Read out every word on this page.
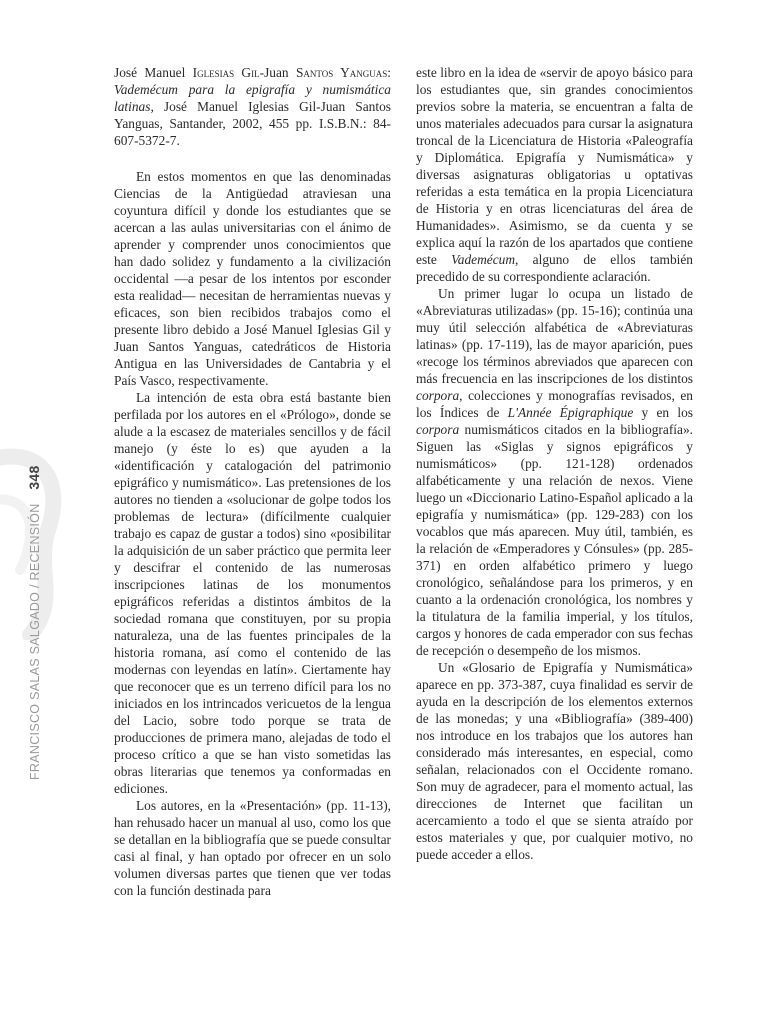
FRANCISCO SALAS SALGADO / RECENSIÓN 348

José Manuel Iglesias Gil-Juan Santos Yanguas: Vademécum para la epigrafía y numismática latinas, José Manuel Iglesias Gil-Juan Santos Yanguas, Santander, 2002, 455 pp. I.S.B.N.: 84-607-5372-7.

En estos momentos en que las denominadas Ciencias de la Antigüedad atraviesan una coyuntura difícil y donde los estudiantes que se acercan a las aulas universitarias con el ánimo de aprender y comprender unos conocimientos que han dado solidez y fundamento a la civilización occidental —a pesar de los intentos por esconder esta realidad— necesitan de herramientas nuevas y eficaces, son bien recibidos trabajos como el presente libro debido a José Manuel Iglesias Gil y Juan Santos Yanguas, catedráticos de Historia Antigua en las Universidades de Cantabria y el País Vasco, respectivamente.

La intención de esta obra está bastante bien perfilada por los autores en el «Prólogo», donde se alude a la escasez de materiales sencillos y de fácil manejo (y éste lo es) que ayuden a la «identificación y catalogación del patrimonio epigráfico y numismático». Las pretensiones de los autores no tienden a «solucionar de golpe todos los problemas de lectura» (difícilmente cualquier trabajo es capaz de gustar a todos) sino «posibilitar la adquisición de un saber práctico que permita leer y descifrar el contenido de las numerosas inscripciones latinas de los monumentos epigráficos referidas a distintos ámbitos de la sociedad romana que constituyen, por su propia naturaleza, una de las fuentes principales de la historia romana, así como el contenido de las modernas con leyendas en latín». Ciertamente hay que reconocer que es un terreno difícil para los no iniciados en los intrincados vericuetos de la lengua del Lacio, sobre todo porque se trata de producciones de primera mano, alejadas de todo el proceso crítico a que se han visto sometidas las obras literarias que tenemos ya conformadas en ediciones.

Los autores, en la «Presentación» (pp. 11-13), han rehusado hacer un manual al uso, como los que se detallan en la bibliografía que se puede consultar casi al final, y han optado por ofrecer en un solo volumen diversas partes que tienen que ver todas con la función destinada para

este libro en la idea de «servir de apoyo básico para los estudiantes que, sin grandes conocimientos previos sobre la materia, se encuentran a falta de unos materiales adecuados para cursar la asignatura troncal de la Licenciatura de Historia «Paleografía y Diplomática. Epigrafía y Numismática» y diversas asignaturas obligatorias u optativas referidas a esta temática en la propia Licenciatura de Historia y en otras licenciaturas del área de Humanidades». Asimismo, se da cuenta y se explica aquí la razón de los apartados que contiene este Vademécum, alguno de ellos también precedido de su correspondiente aclaración.

Un primer lugar lo ocupa un listado de «Abreviaturas utilizadas» (pp. 15-16); continúa una muy útil selección alfabética de «Abreviaturas latinas» (pp. 17-119), las de mayor aparición, pues «recoge los términos abreviados que aparecen con más frecuencia en las inscripciones de los distintos corpora, colecciones y monografías revisados, en los Índices de L'Année Épigraphique y en los corpora numismáticos citados en la bibliografía». Siguen las «Siglas y signos epigráficos y numismáticos» (pp. 121-128) ordenados alfabéticamente y una relación de nexos. Viene luego un «Diccionario Latino-Español aplicado a la epigrafía y numismática» (pp. 129-283) con los vocablos que más aparecen. Muy útil, también, es la relación de «Emperadores y Cónsules» (pp. 285-371) en orden alfabético primero y luego cronológico, señalándose para los primeros, y en cuanto a la ordenación cronológica, los nombres y la titulatura de la familia imperial, y los títulos, cargos y honores de cada emperador con sus fechas de recepción o desempeño de los mismos.

Un «Glosario de Epigrafía y Numismática» aparece en pp. 373-387, cuya finalidad es servir de ayuda en la descripción de los elementos externos de las monedas; y una «Bibliografía» (389-400) nos introduce en los trabajos que los autores han considerado más interesantes, en especial, como señalan, relacionados con el Occidente romano. Son muy de agradecer, para el momento actual, las direcciones de Internet que facilitan un acercamiento a todo el que se sienta atraído por estos materiales y que, por cualquier motivo, no puede acceder a ellos.
